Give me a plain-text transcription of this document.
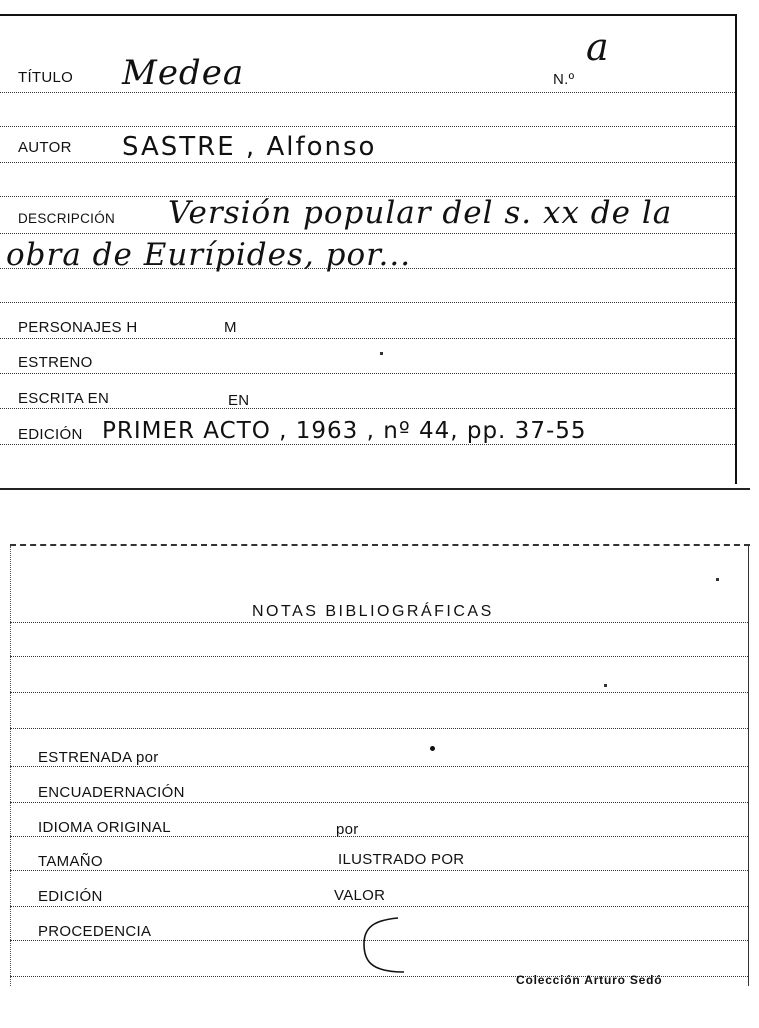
TÍTULO Medea	N.º
a
AUTOR SASTRE , Alfonso
DESCRIPCIÓN Versión popular del s. xx de la
obra de Eurípides, por...
PERSONAJES H	M
ESTRENO
ESCRITA EN	EN
EDICIÓN PRIMER ACTO , 1963 , nº 44, pp. 37-55
NOTAS BIBLIOGRÁFICAS
ESTRENADA por
ENCUADERNACIÓN
IDIOMA ORIGINAL	por
TAMAÑO	ILUSTRADO POR
EDICIÓN	VALOR
PROCEDENCIA
Colección Arturo Sedó
